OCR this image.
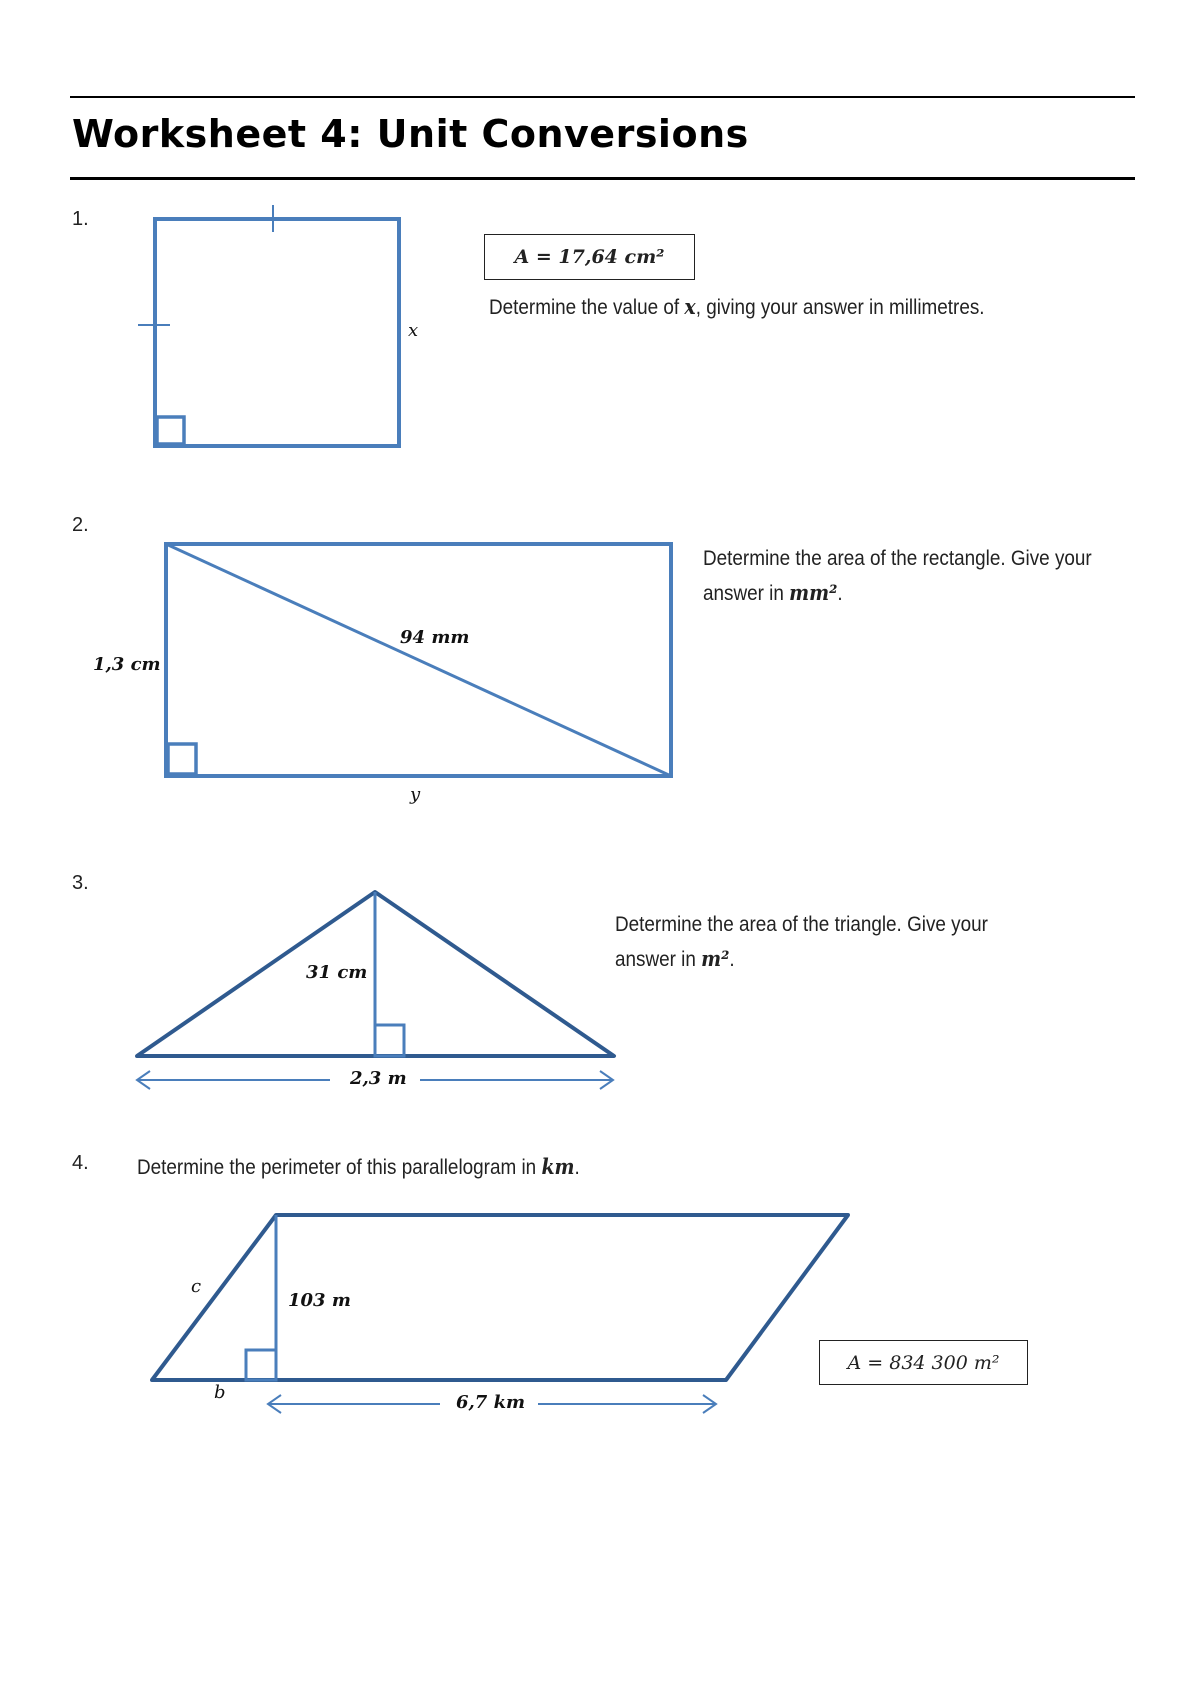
Worksheet 4: Unit Conversions
1.
A = 17,64 cm²
Determine the value of x, giving your answer in millimetres.
x
2.
Determine the area of the rectangle. Give your
answer in mm².
94 mm
1,3 cm
y
3.
Determine the area of the triangle. Give your
answer in m².
31 cm
2,3 m
4. Determine the perimeter of this parallelogram in km.
c
103 m
b	6,7 km
A = 834 300 m²
